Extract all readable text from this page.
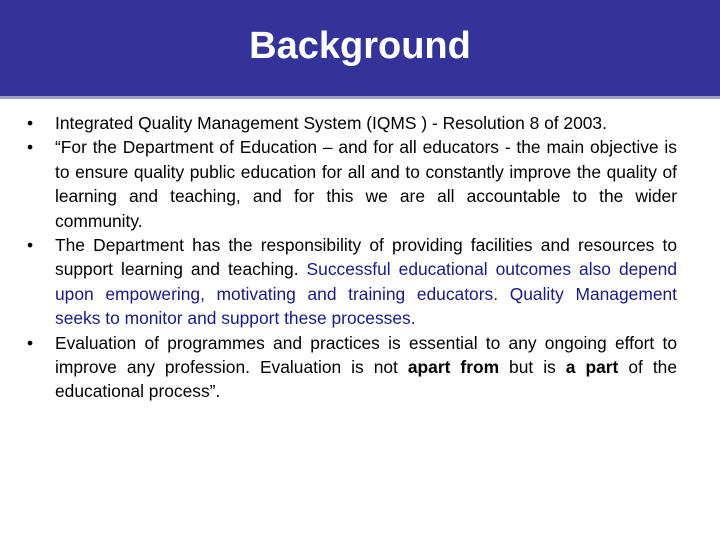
Background
•	Integrated Quality Management System (IQMS ) - Resolution 8 of 2003.
•	“For the Department of Education – and for all educators - the main objective is to ensure quality public education for all and to constantly improve the quality of learning and teaching, and for this we are all accountable to the wider community.
•	The Department has the responsibility of providing facilities and resources to support learning and teaching. Successful educational outcomes also depend upon empowering, motivating and training educators. Quality Management seeks to monitor and support these processes.
•	Evaluation of programmes and practices is essential to any ongoing effort to improve any profession. Evaluation is not apart from but is a part of the educational process”.
